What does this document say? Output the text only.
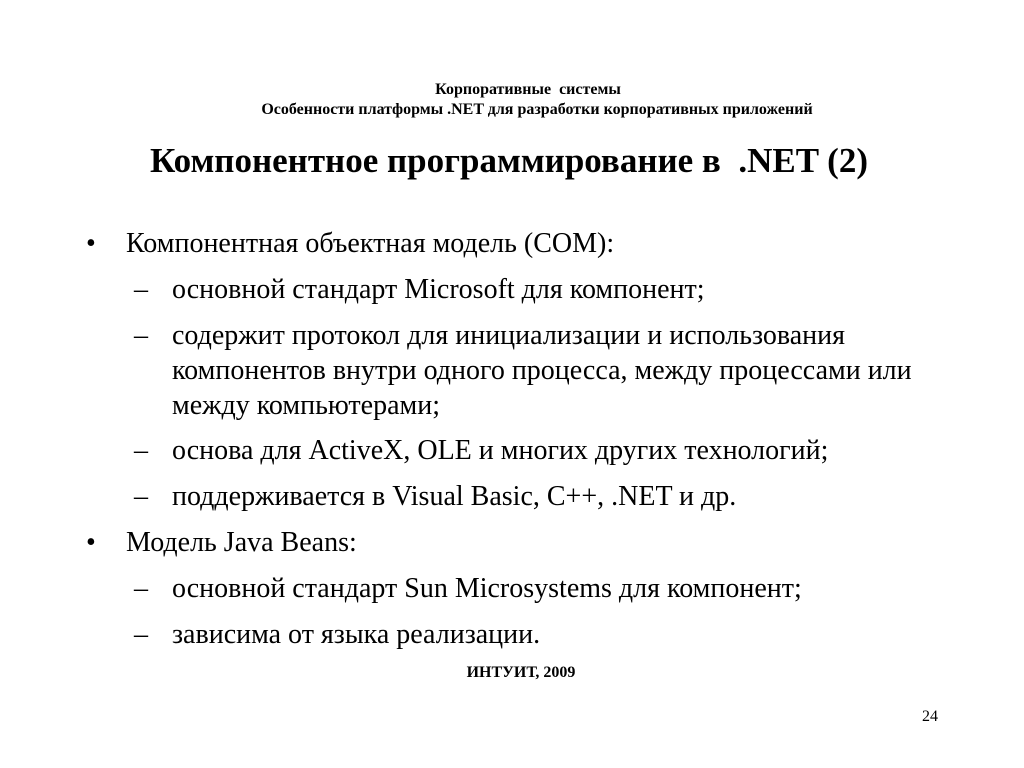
Корпоративные  системы
Особенности платформы .NET для разработки корпоративных приложений
Компонентное программирование в  .NET (2)
• Компонентная объектная модель (COM):
– основной стандарт Microsoft для компонент;
– содержит протокол для инициализации и использования компонентов внутри одного процесса, между процессами или между компьютерами;
– основа для ActiveX, OLE и многих других технологий;
– поддерживается в Visual Basic, C++, .NET и др.
• Модель Java Beans:
– основной стандарт Sun Microsystems для компонент;
– зависима от языка реализации.
ИНТУИТ, 2009
24
